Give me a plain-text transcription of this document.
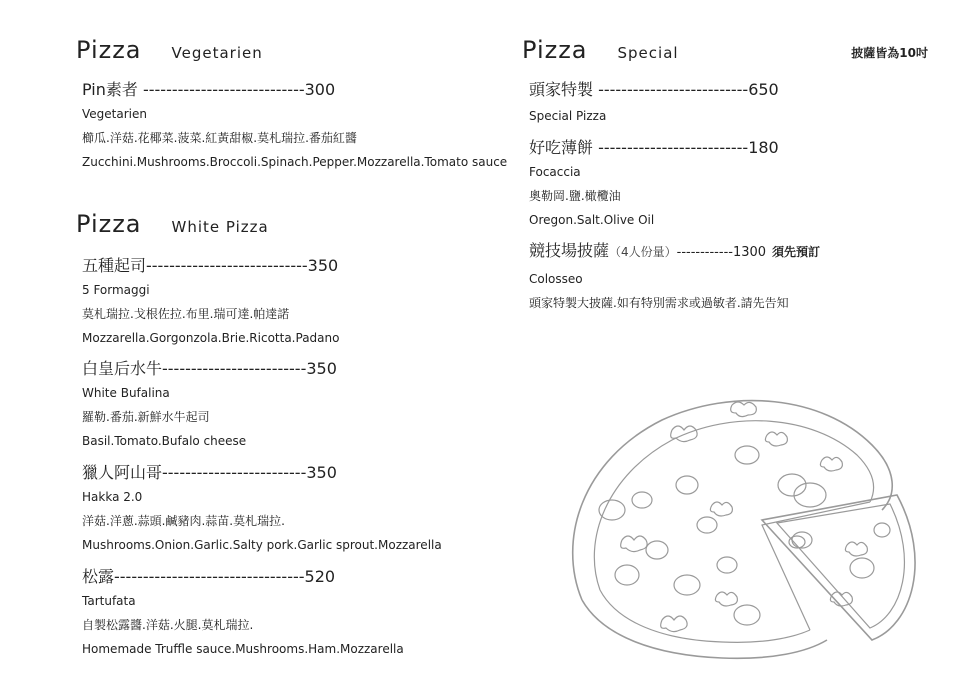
Pizza Vegetarien
Pin素者 ----------------------------300
Vegetarien
櫛瓜.洋菇.花椰菜.菠菜.紅黃甜椒.莫札瑞拉.番茄紅醬
Zucchini.Mushrooms.Broccoli.Spinach.Pepper.Mozzarella.Tomato sauce
Pizza White Pizza
五種起司----------------------------350
5 Formaggi
莫札瑞拉.戈根佐拉.布里.瑞可達.帕達諾
Mozzarella.Gorgonzola.Brie.Ricotta.Padano
白皇后水牛-------------------------350
White Bufalina
羅勒.番茄.新鮮水牛起司
Basil.Tomato.Bufalo cheese
獵人阿山哥-------------------------350
Hakka 2.0
洋菇.洋蔥.蒜頭.鹹豬肉.蒜苗.莫札瑞拉.
Mushrooms.Onion.Garlic.Salty pork.Garlic sprout.Mozzarella
松露---------------------------------520
Tartufata
自製松露醬.洋菇.火腿.莫札瑞拉.
Homemade Truffle sauce.Mushrooms.Ham.Mozzarella
Pizza Special	披薩皆為10吋
頭家特製 --------------------------650
Special Pizza
好吃薄餅 --------------------------180
Focaccia
奧勒岡.鹽.橄欖油
Oregon.Salt.Olive Oil
競技場披薩（4人份量）------------1300 須先預訂
Colosseo
頭家特製大披薩.如有特別需求或過敏者.請先告知
